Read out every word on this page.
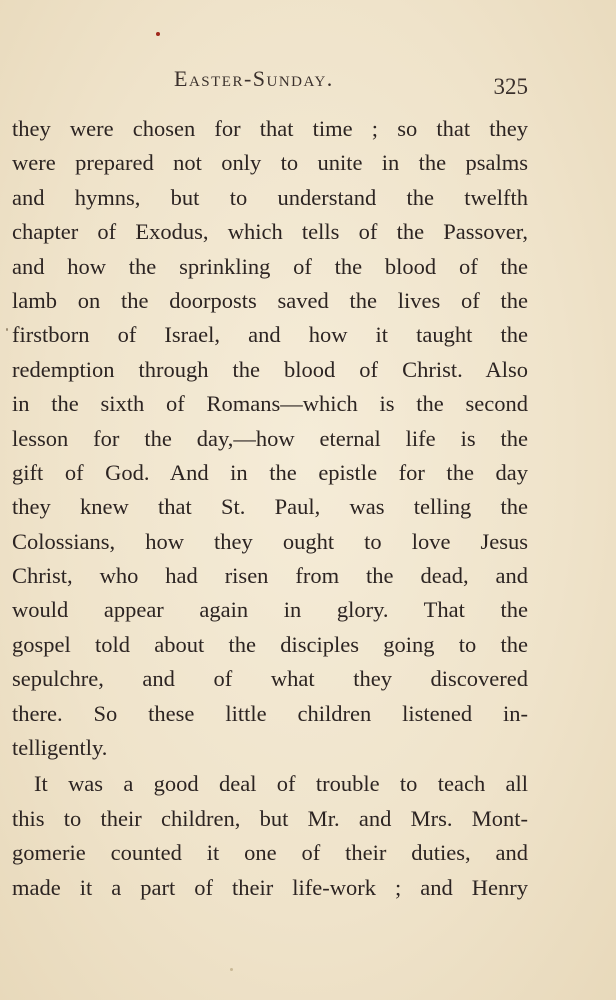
Easter-Sunday.	325
they were chosen for that time ; so that they
were prepared not only to unite in the psalms
and hymns, but to understand the twelfth
chapter of Exodus, which tells of the Passover,
and how the sprinkling of the blood of the
lamb on the doorposts saved the lives of the
firstborn of Israel, and how it taught the
redemption through the blood of Christ. Also
in the sixth of Romans—which is the second
lesson for the day,—how eternal life is the
gift of God. And in the epistle for the day
they knew that St. Paul, was telling the
Colossians, how they ought to love Jesus
Christ, who had risen from the dead, and
would appear again in glory. That the
gospel told about the disciples going to the
sepulchre, and of what they discovered
there. So these little children listened in-
telligently.
It was a good deal of trouble to teach all
this to their children, but Mr. and Mrs. Mont-
gomerie counted it one of their duties, and
made it a part of their life-work ; and Henry
